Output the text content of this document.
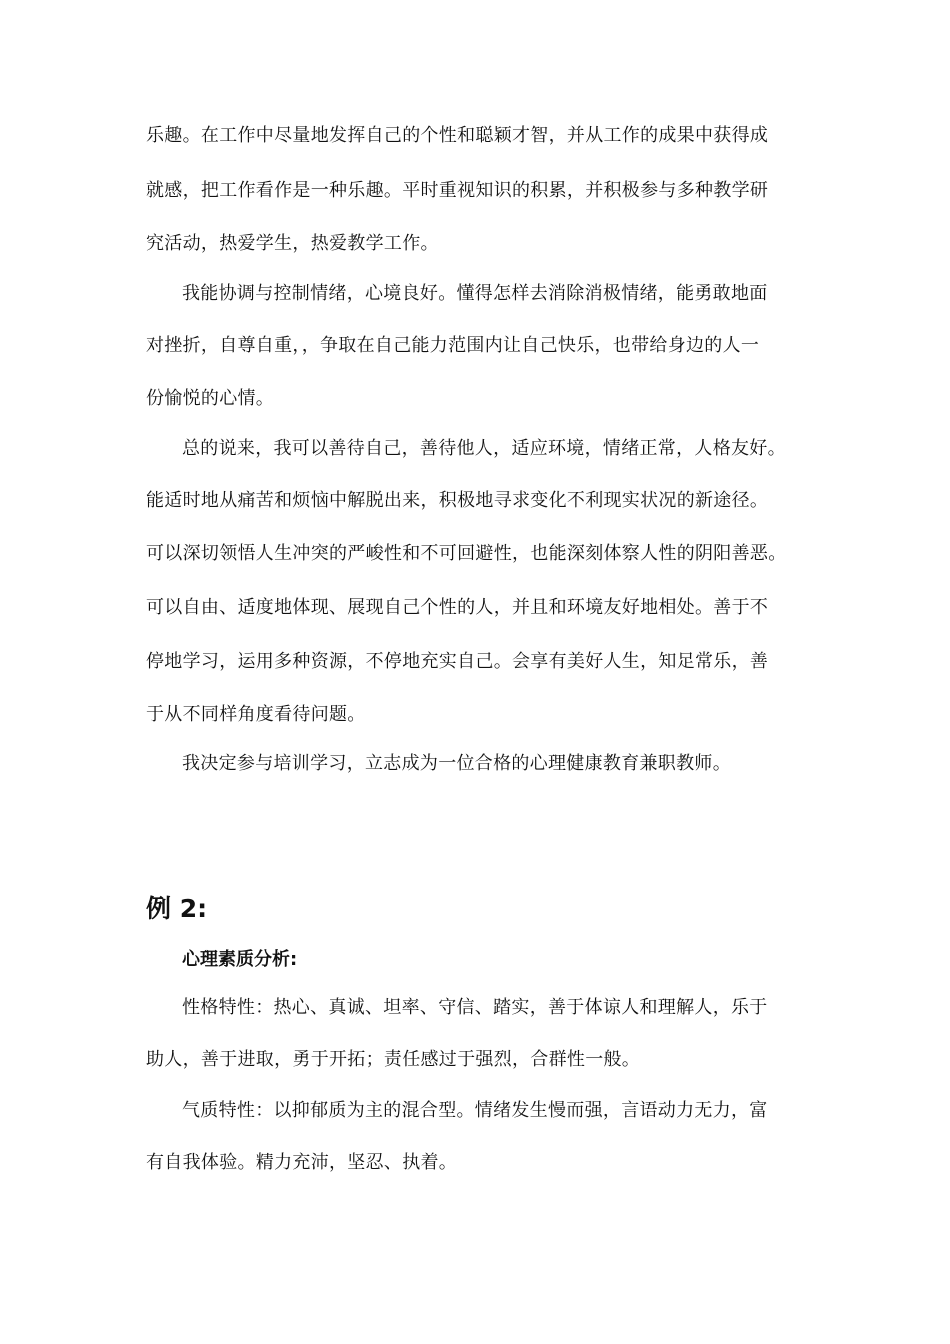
乐趣。在工作中尽量地发挥自己的个性和聪颖才智，并从工作的成果中获得成
就感，把工作看作是一种乐趣。平时重视知识的积累，并积极参与多种教学研
究活动，热爱学生，热爱教学工作。
我能协调与控制情绪，心境良好。懂得怎样去消除消极情绪，能勇敢地面
对挫折，自尊自重，，争取在自己能力范围内让自己快乐，也带给身边的人一
份愉悦的心情。
总的说来，我可以善待自己，善待他人，适应环境，情绪正常，人格友好。
能适时地从痛苦和烦恼中解脱出来，积极地寻求变化不利现实状况的新途径。
可以深切领悟人生冲突的严峻性和不可回避性，也能深刻体察人性的阴阳善恶。
可以自由、适度地体现、展现自己个性的人，并且和环境友好地相处。善于不
停地学习，运用多种资源，不停地充实自己。会享有美好人生，知足常乐，善
于从不同样角度看待问题。
我决定参与培训学习，立志成为一位合格的心理健康教育兼职教师。
例 2:
心理素质分析:
性格特性：热心、真诚、坦率、守信、踏实，善于体谅人和理解人，乐于
助人，善于进取，勇于开拓；责任感过于强烈，合群性一般。
气质特性：以抑郁质为主的混合型。情绪发生慢而强，言语动力无力，富
有自我体验。精力充沛，坚忍、执着。
